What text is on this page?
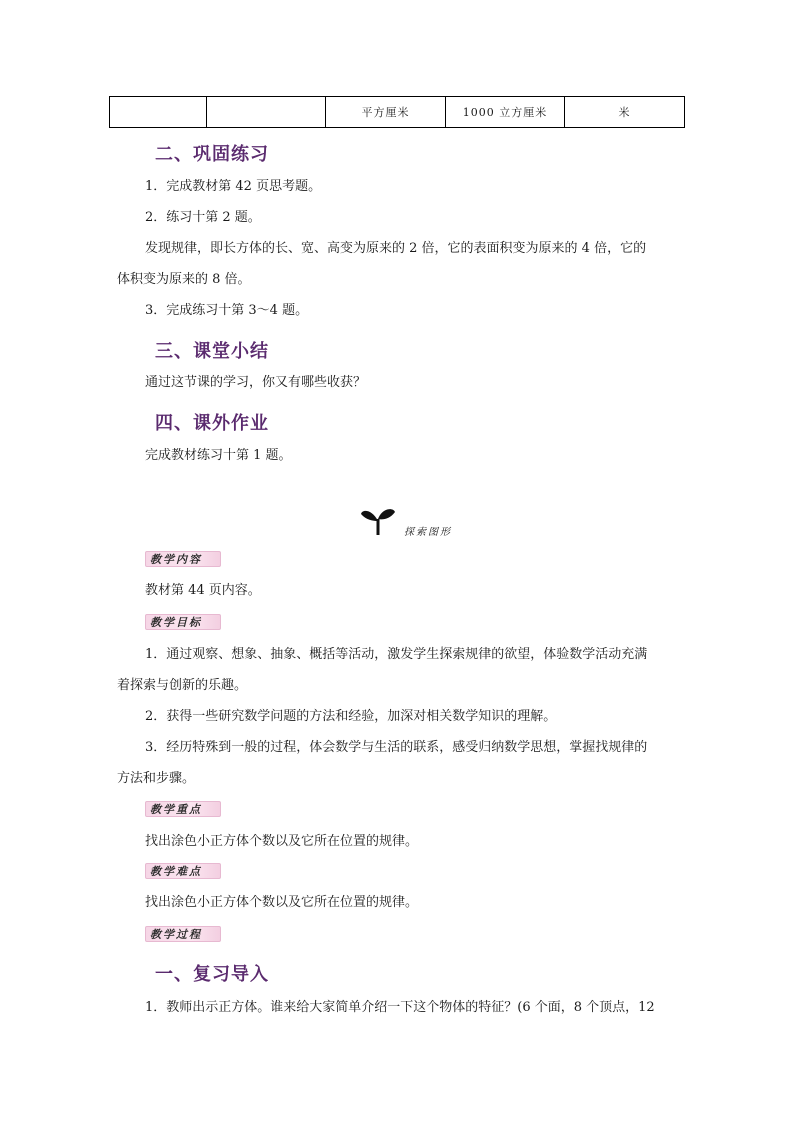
		平方厘米	1000 立方厘米	米
二、巩固练习
1．完成教材第 42 页思考题。
2．练习十第 2 题。
发现规律，即长方体的长、宽、高变为原来的 2 倍，它的表面积变为原来的 4 倍，它的
体积变为原来的 8 倍。
3．完成练习十第 3～4 题。
三、课堂小结
通过这节课的学习，你又有哪些收获？
四、课外作业
完成教材练习十第 1 题。
探索图形
教学内容
教材第 44 页内容。
教学目标
1．通过观察、想象、抽象、概括等活动，激发学生探索规律的欲望，体验数学活动充满
着探索与创新的乐趣。
2．获得一些研究数学问题的方法和经验，加深对相关数学知识的理解。
3．经历特殊到一般的过程，体会数学与生活的联系，感受归纳数学思想，掌握找规律的
方法和步骤。
教学重点
找出涂色小正方体个数以及它所在位置的规律。
教学难点
找出涂色小正方体个数以及它所在位置的规律。
教学过程
一、复习导入
1．教师出示正方体。谁来给大家简单介绍一下这个物体的特征？(6 个面，8 个顶点，12
